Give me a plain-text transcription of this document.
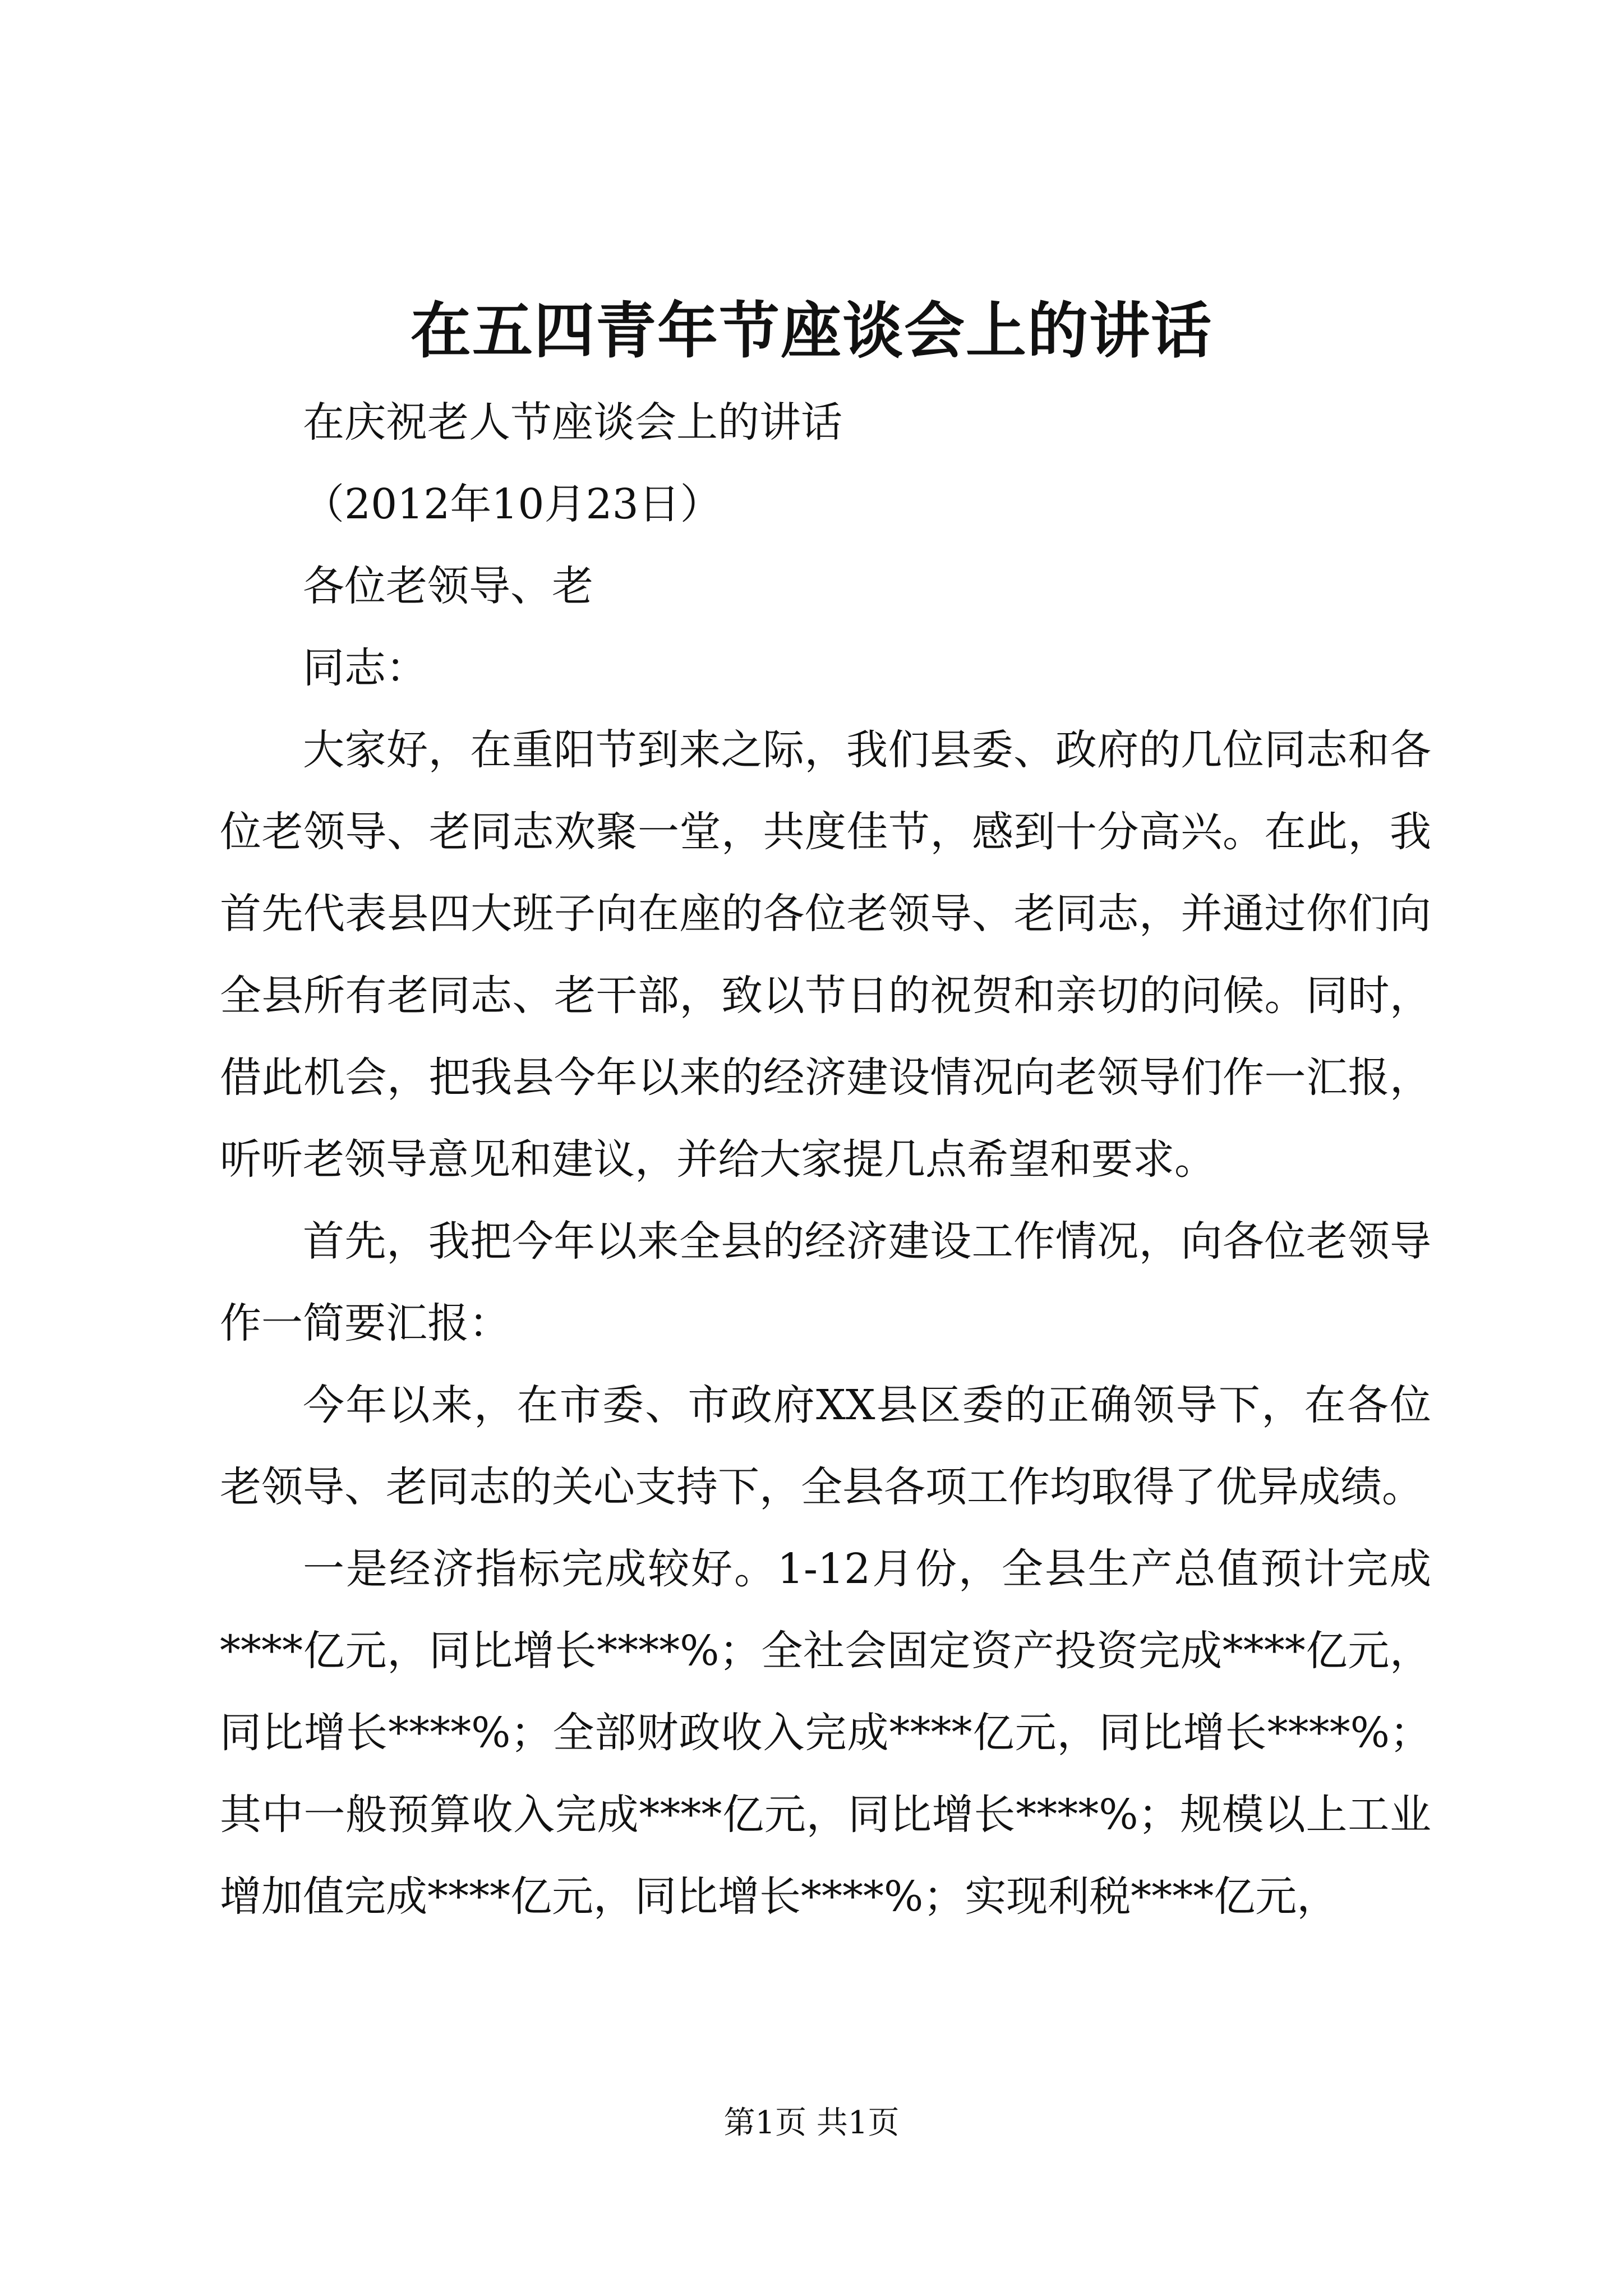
在五四青年节座谈会上的讲话

在庆祝老人节座谈会上的讲话

（2012年10月23日）

各位老领导、老

同志：

大家好，在重阳节到来之际，我们县委、政府的几位同志和各位老领导、老同志欢聚一堂，共度佳节，感到十分高兴。在此，我首先代表县四大班子向在座的各位老领导、老同志，并通过你们向全县所有老同志、老干部，致以节日的祝贺和亲切的问候。同时，借此机会，把我县今年以来的经济建设情况向老领导们作一汇报，听听老领导意见和建议，并给大家提几点希望和要求。

首先，我把今年以来全县的经济建设工作情况，向各位老领导作一简要汇报：

今年以来，在市委、市政府XX县区委的正确领导下，在各位老领导、老同志的关心支持下，全县各项工作均取得了优异成绩。

一是经济指标完成较好。1-12月份，全县生产总值预计完成****亿元，同比增长****%；全社会固定资产投资完成****亿元，同比增长****%；全部财政收入完成****亿元，同比增长****%；其中一般预算收入完成****亿元，同比增长****%；规模以上工业增加值完成****亿元，同比增长****%；实现利税****亿元，

第1页 共1页
